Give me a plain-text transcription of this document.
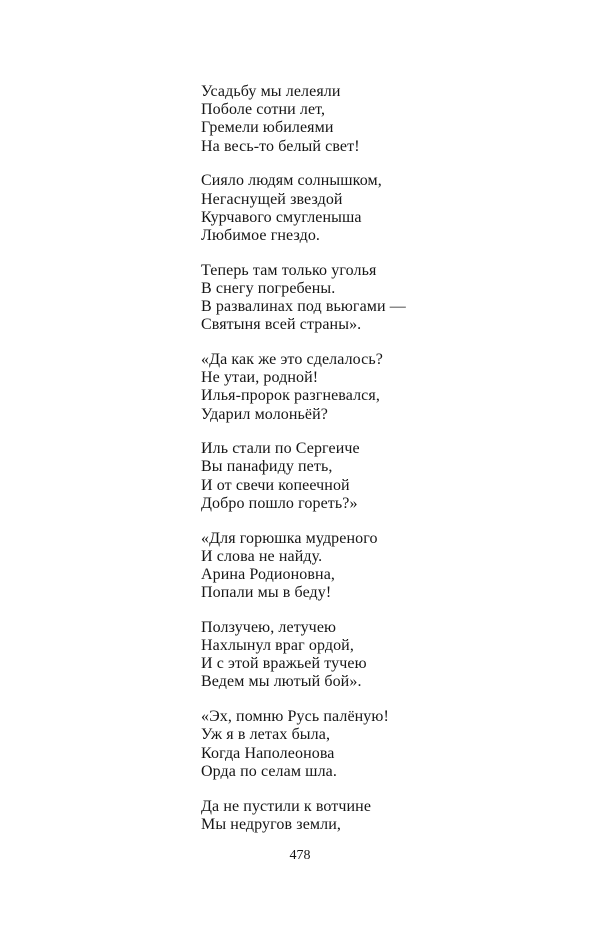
Усадьбу мы лелеяли
Поболе сотни лет,
Гремели юбилеями
На весь-то белый свет!
Сияло людям солнышком,
Негаснущей звездой
Курчавого смугленыша
Любимое гнездо.
Теперь там только уголья
В снегу погребены.
В развалинах под вьюгами —
Святыня всей страны».
«Да как же это сделалось?
Не утаи, родной!
Илья-пророк разгневался,
Ударил молоньёй?
Иль стали по Сергеиче
Вы панафиду петь,
И от свечи копеечной
Добро пошло гореть?»
«Для горюшка мудреного
И слова не найду.
Арина Родионовна,
Попали мы в беду!
Ползучею, летучею
Нахлынул враг ордой,
И с этой вражьей тучею
Ведем мы лютый бой».
«Эх, помню Русь палёную!
Уж я в летах была,
Когда Наполеонова
Орда по селам шла.
Да не пустили к вотчине
Мы недругов земли,
478
